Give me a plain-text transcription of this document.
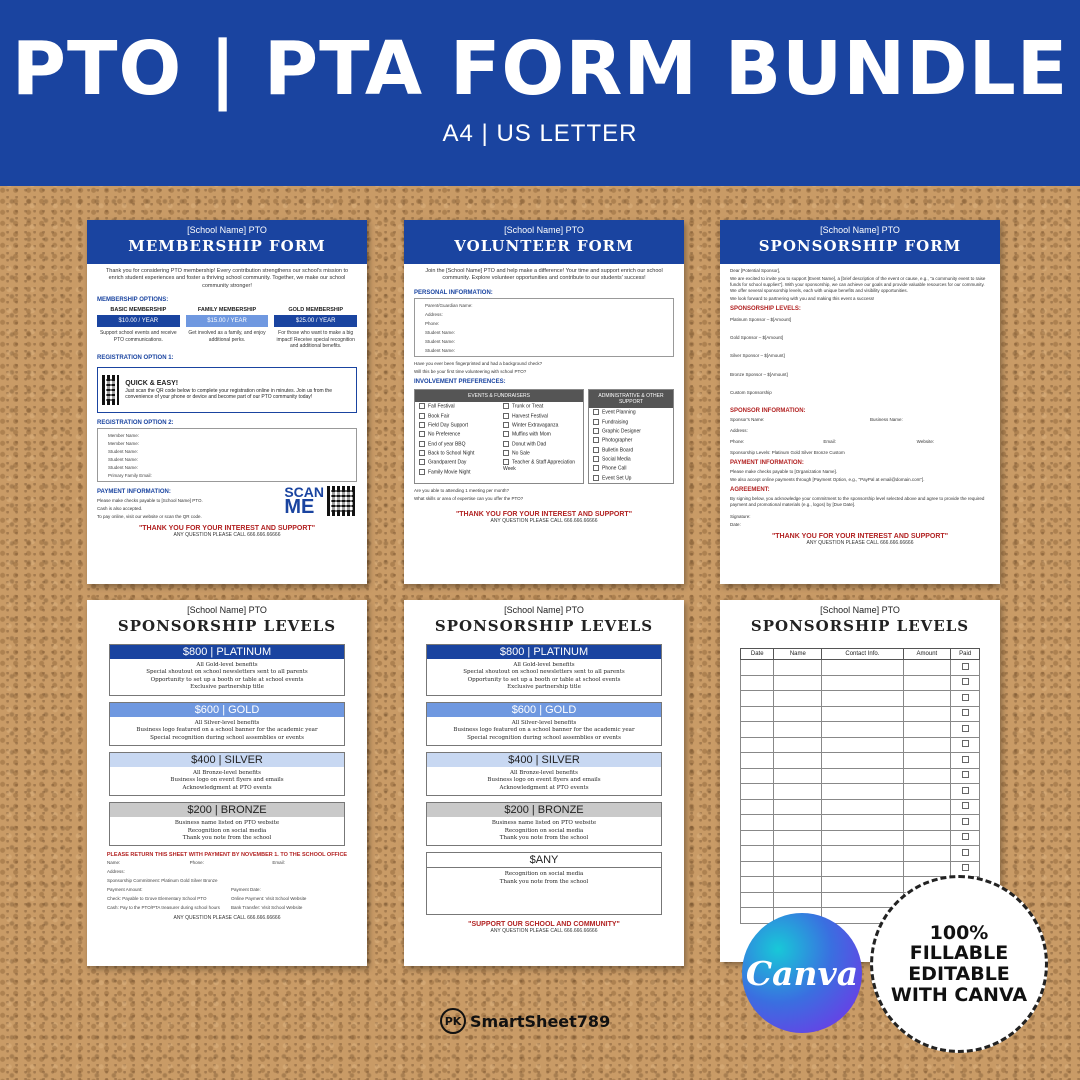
PTO | PTA FORM BUNDLE
A4 | US LETTER
[School Name] PTO
MEMBERSHIP FORM
Thank you for considering PTO membership! Every contribution strengthens our school's mission to enrich student experiences and foster a thriving school community. Together, we make our school community stronger!
MEMBERSHIP OPTIONS:
BASIC MEMBERSHIP
$10.00 / YEAR
Support school events and receive PTO communications.
FAMILY MEMBERSHIP
$15.00 / YEAR
Get involved as a family, and enjoy additional perks.
GOLD MEMBERSHIP
$25.00 / YEAR
For those who want to make a big impact! Receive special recognition and additional benefits.
REGISTRATION OPTION 1:
QUICK & EASY!
Just scan the QR code below to complete your registration online in minutes. Join us from the convenience of your phone or device and become part of our PTO community today!
REGISTRATION OPTION 2:
Member Name:
Member Name:
Student Name:
Student Name:
Student Name:
Primary Family Email:
PAYMENT INFORMATION:
Please make checks payable to [School Name] PTO.
Cash is also accepted.
To pay online, visit our website or scan the QR code.
SCAN
ME
"THANK YOU FOR YOUR INTEREST AND SUPPORT"
ANY QUESTION PLEASE CALL 666.666.66666
[School Name] PTO
VOLUNTEER FORM
Join the [School Name] PTO and help make a difference! Your time and support enrich our school community. Explore volunteer opportunities and contribute to our students' success!
PERSONAL INFORMATION:
Parent/Guardian Name:
Address:
Phone:
Student Name:
Student Name:
Student Name:
Have you ever been fingerprinted and had a background check?
Will this be your first time volunteering with school PTO?
INVOLVEMENT PREFERENCES:
EVENTS & FUNDRAISERS
Fall Festival
Book Fair
Field Day Support
No Preference
End of year BBQ
Back to School Night
Grandparent Day
Family Movie Night
Trunk or Treat
Harvest Festival
Winter Extravaganza
Muffins with Mom
Donut with Dad
No Sale
Teacher & Staff Appreciation Week
ADMINISTRATIVE & OTHER SUPPORT
Event Planning
Fundraising
Graphic Designer
Photographer
Bulletin Board
Social Media
Phone Call
Event Set Up
Are you able to attending 1 meeting per month?
What skills or area of expertise can you offer the PTO?
"THANK YOU FOR YOUR INTEREST AND SUPPORT"
ANY QUESTION PLEASE CALL 666.666.66666
[School Name] PTO
SPONSORSHIP FORM
Dear [Potential Sponsor],
We are excited to invite you to support [Event Name], a [brief description of the event or cause, e.g., "a community event to raise funds for school supplies"]. With your sponsorship, we can achieve our goals and provide valuable resources for our community. We offer several sponsorship levels, each with unique benefits and visibility opportunities.
We look forward to partnering with you and making this event a success!
SPONSORSHIP LEVELS:
Platinum Sponsor – $[Amount]
Gold Sponsor – $[Amount]
Silver Sponsor – $[Amount]
Bronze Sponsor – $[Amount]
Custom Sponsorship
SPONSOR INFORMATION:
Sponsor's Name:	Business Name:
Address:
Phone:	Email:	Website:
Sponsorship Levels: Platinum Gold Silver Bronze Custom
PAYMENT INFORMATION:
Please make checks payable to [Organization Name].
We also accept online payments through [Payment Option, e.g., "PayPal at email@domain.com"].
AGREEMENT:
By signing below, you acknowledge your commitment to the sponsorship level selected above and agree to provide the required payment and promotional materials (e.g., logos) by [Due Date].
Signature:
Date:
"THANK YOU FOR YOUR INTEREST AND SUPPORT"
ANY QUESTION PLEASE CALL 666.666.66666
[School Name] PTO
SPONSORSHIP LEVELS
$800 | PLATINUM
All Gold-level benefits
Special shoutout on school newsletters sent to all parents
Opportunity to set up a booth or table at school events
Exclusive partnership title
$600 | GOLD
All Silver-level benefits
Business logo featured on a school banner for the academic year
Special recognition during school assemblies or events
$400 | SILVER
All Bronze-level benefits
Business logo on event flyers and emails
Acknowledgment at PTO events
$200 | BRONZE
Business name listed on PTO website
Recognition on social media
Thank you note from the school
PLEASE RETURN THIS SHEET WITH PAYMENT BY NOVEMBER 1. TO THE SCHOOL OFFICE
Name:	Phone:	Email:
Address:
Sponsorship Commitment: Platinum Gold Silver Bronze
Payment Amount:	Payment Date:
Check: Payable to Grove Elementary School PTO	Online Payment: Visit School Website
Cash: Pay to the PTO/PTA treasurer during school hours	Bank Transfer: Visit School Website
ANY QUESTION PLEASE CALL 666.666.66666
[School Name] PTO
SPONSORSHIP LEVELS
$800 | PLATINUM
All Gold-level benefits
Special shoutout on school newsletters sent to all parents
Opportunity to set up a booth or table at school events
Exclusive partnership title
$600 | GOLD
All Silver-level benefits
Business logo featured on a school banner for the academic year
Special recognition during school assemblies or events
$400 | SILVER
All Bronze-level benefits
Business logo on event flyers and emails
Acknowledgment at PTO events
$200 | BRONZE
Business name listed on PTO website
Recognition on social media
Thank you note from the school
$ANY
Recognition on social media
Thank you note from the school
"SUPPORT OUR SCHOOL AND COMMUNITY"
ANY QUESTION PLEASE CALL 666.666.66666
[School Name] PTO
SPONSORSHIP LEVELS
Date	Name	Contact Info.	Amount	Paid

Canva
100%
FILLABLE
EDITABLE
WITH CANVA
PK SmartSheet789
